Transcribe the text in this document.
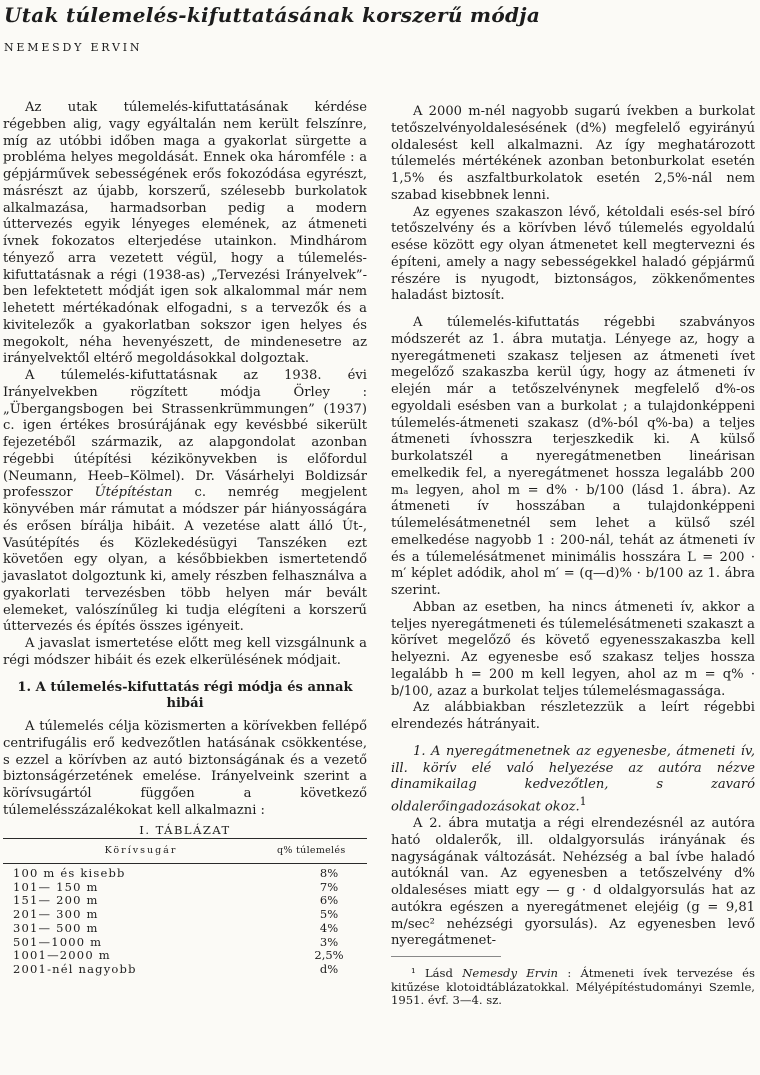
Utak túlemelés-kifuttatásának korszerű módja
NEMESDY ERVIN

Az utak túlemelés-kifuttatásának kérdése régebben alig, vagy egyáltalán nem került felszínre, míg az utóbbi időben maga a gyakorlat sürgette a probléma helyes megoldását. Ennek oka háromféle : a gépjárművek sebességének erős fokozódása egyrészt, másrészt az újabb, korszerű, szélesebb burkolatok alkalmazása, harmadsorban pedig a modern úttervezés egyik lényeges elemének, az átmeneti ívnek fokozatos elterjedése utainkon. Mindhárom tényező arra vezetett végül, hogy a túlemelés-kifuttatásnak a régi (1938-as) „Tervezési Irányelvek”-ben lefektetett módját igen sok alkalommal már nem lehetett mértékadónak elfogadni, s a tervezők és a kivitelezők a gyakorlatban sokszor igen helyes és megokolt, néha hevenyészett, de mindenesetre az irányelvektől eltérő megoldásokkal dolgoztak.

A túlemelés-kifuttatásnak az 1938. évi Irányelvekben rögzített módja Örley : „Übergangsbogen bei Strassenkrümmungen” (1937) c. igen értékes brosúrájának egy kevésbbé sikerült fejezetéből származik, az alapgondolat azonban régebbi útépítési kézikönyvekben is előfordul (Neumann, Heeb–Kölmel). Dr. Vásárhelyi Boldizsár professzor Útépítéstan c. nemrég megjelent könyvében már rámutat a módszer pár hiányosságára és erősen bírálja hibáit. A vezetése alatt álló Út-, Vasútépítés és Közlekedésügyi Tanszéken ezt követően egy olyan, a későbbiekben ismertetendő javaslatot dolgoztunk ki, amely részben felhasználva a gyakorlati tervezésben több helyen már bevált elemeket, valószínűleg ki tudja elégíteni a korszerű úttervezés és építés összes igényeit.

A javaslat ismertetése előtt meg kell vizsgálnunk a régi módszer hibáit és ezek elkerülésének módjait.

1. A túlemelés-kifuttatás régi módja és annak hibái

A túlemelés célja közismerten a körívekben fellépő centrifugális erő kedvezőtlen hatásának csökkentése, s ezzel a körívben az autó biztonságának és a vezető biztonságérzetének emelése. Irányelveink szerint a körívsugártól függően a következő túlemelésszázalékokat kell alkalmazni :

I. TÁBLÁZAT
Körívsugár	q% túlemelés
100 m és kisebb	8%
101— 150 m	7%
151— 200 m	6%
201— 300 m	5%
301— 500 m	4%
501—1000 m	3%
1001—2000 m	2,5%
2001-nél nagyobb	d%

A 2000 m-nél nagyobb sugarú ívekben a burkolat tetőszelvényoldalesésének (d%) megfelelő egyirányú oldalesést kell alkalmazni. Az így meghatározott túlemelés mértékének azonban betonburkolat esetén 1,5% és aszfaltburkolatok esetén 2,5%-nál nem szabad kisebbnek lenni.

Az egyenes szakaszon lévő, kétoldali esés-sel bíró tetőszelvény és a körívben lévő túlemelés egyoldalú esése között egy olyan átmenetet kell megtervezni és építeni, amely a nagy sebességekkel haladó gépjármű részére is nyugodt, biztonságos, zökkenőmentes haladást biztosít.

A túlemelés-kifuttatás régebbi szabványos módszerét az 1. ábra mutatja. Lényege az, hogy a nyeregátmeneti szakasz teljesen az átmeneti ívet megelőző szakaszba kerül úgy, hogy az átmeneti ív elején már a tetőszelvénynek megfelelő d%-os egyoldali esésben van a burkolat ; a tulajdonképpeni túlemelés-átmeneti szakasz (d%-ból q%-ba) a teljes átmeneti ívhosszra terjeszkedik ki. A külső burkolatszél a nyeregátmenetben lineárisan emelkedik fel, a nyeregátmenet hossza legalább 200 mₐ legyen, ahol m = d% · b/100 (lásd 1. ábra). Az átmeneti ív hosszában a tulajdonképpeni túlemelésátmenetnél sem lehet a külső szél emelkedése nagyobb 1 : 200-nál, tehát az átmeneti ív és a túlemelésátmenet minimális hosszára L = 200 · m′ képlet adódik, ahol m′ = (q—d)% · b/100 az 1. ábra szerint.

Abban az esetben, ha nincs átmeneti ív, akkor a teljes nyeregátmeneti és túlemelésátmeneti szakaszt a körívet megelőző és követő egyenesszakaszba kell helyezni. Az egyenesbe eső szakasz teljes hossza legalább h = 200 m kell legyen, ahol az m = q% · b/100, azaz a burkolat teljes túlemelésmagassága.

Az alábbiakban részletezzük a leírt régebbi elrendezés hátrányait.

1. A nyeregátmenetnek az egyenesbe, átmeneti ív, ill. körív elé való helyezése az autóra nézve dinamikailag kedvezőtlen, s zavaró oldalerőingadozásokat okoz.$^1$

A 2. ábra mutatja a régi elrendezésnél az autóra ható oldalerők, ill. oldalgyorsulás irányának és nagyságának változását. Nehézség a bal ívbe haladó autóknál van. Az egyenesben a tetőszelvény d% oldaleséses miatt egy — g · d oldalgyorsulás hat az autókra egészen a nyeregátmenet elejéig (g = 9,81 m/sec² nehézségi gyorsulás). Az egyenesben levő nyeregátmenet-

¹ Lásd Nemesdy Ervin : Átmeneti ívek tervezése és kitűzése klotoidtáblázatokkal. Mélyépítéstudományi Szemle, 1951. évf. 3—4. sz.
